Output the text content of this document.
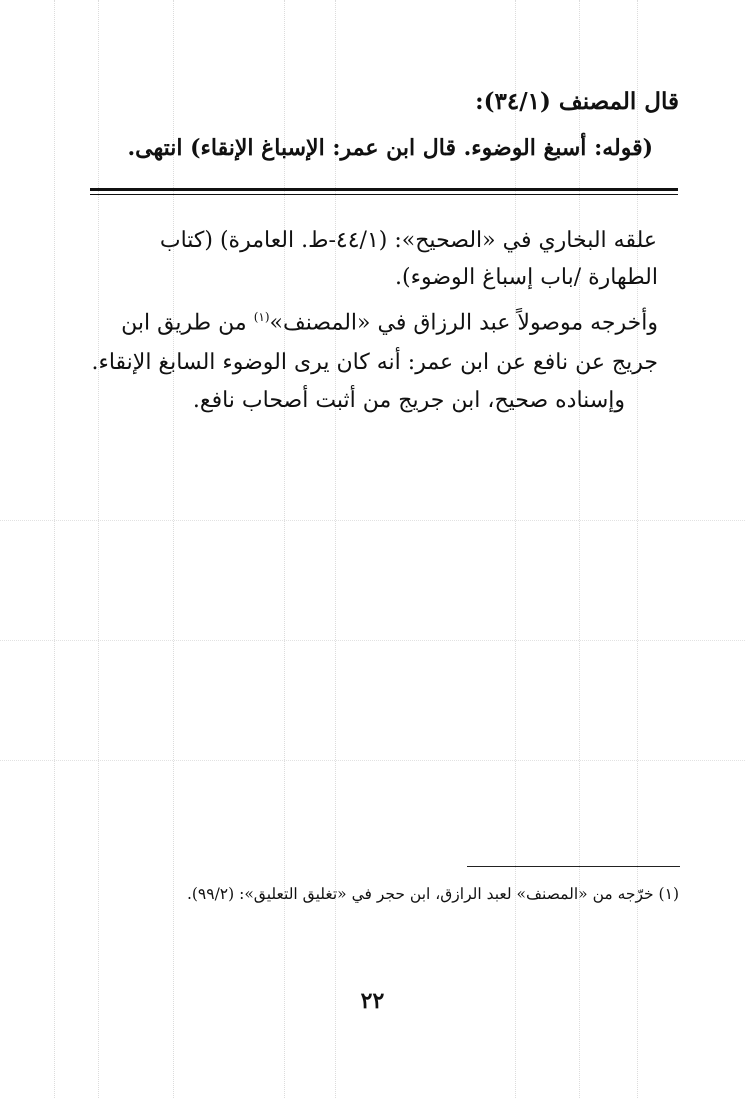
قال المصنف (٣٤/١):
(قوله: أسبغ الوضوء. قال ابن عمر: الإسباغ الإنقاء) انتهى.
علقه البخاري في «الصحيح»: (٤٤/١-ط. العامرة) (كتاب
الطهارة /باب إسباغ الوضوء).
وأخرجه موصولاً عبد الرزاق في «المصنف»$^{(١)}$ من طريق ابن
جريج عن نافع عن ابن عمر: أنه كان يرى الوضوء السابغ الإنقاء.
وإسناده صحيح، ابن جريج من أثبت أصحاب نافع.
(١) خرّجه من «المصنف» لعبد الرازق، ابن حجر في «تغليق التعليق»: (٩٩/٢).
٢٢
